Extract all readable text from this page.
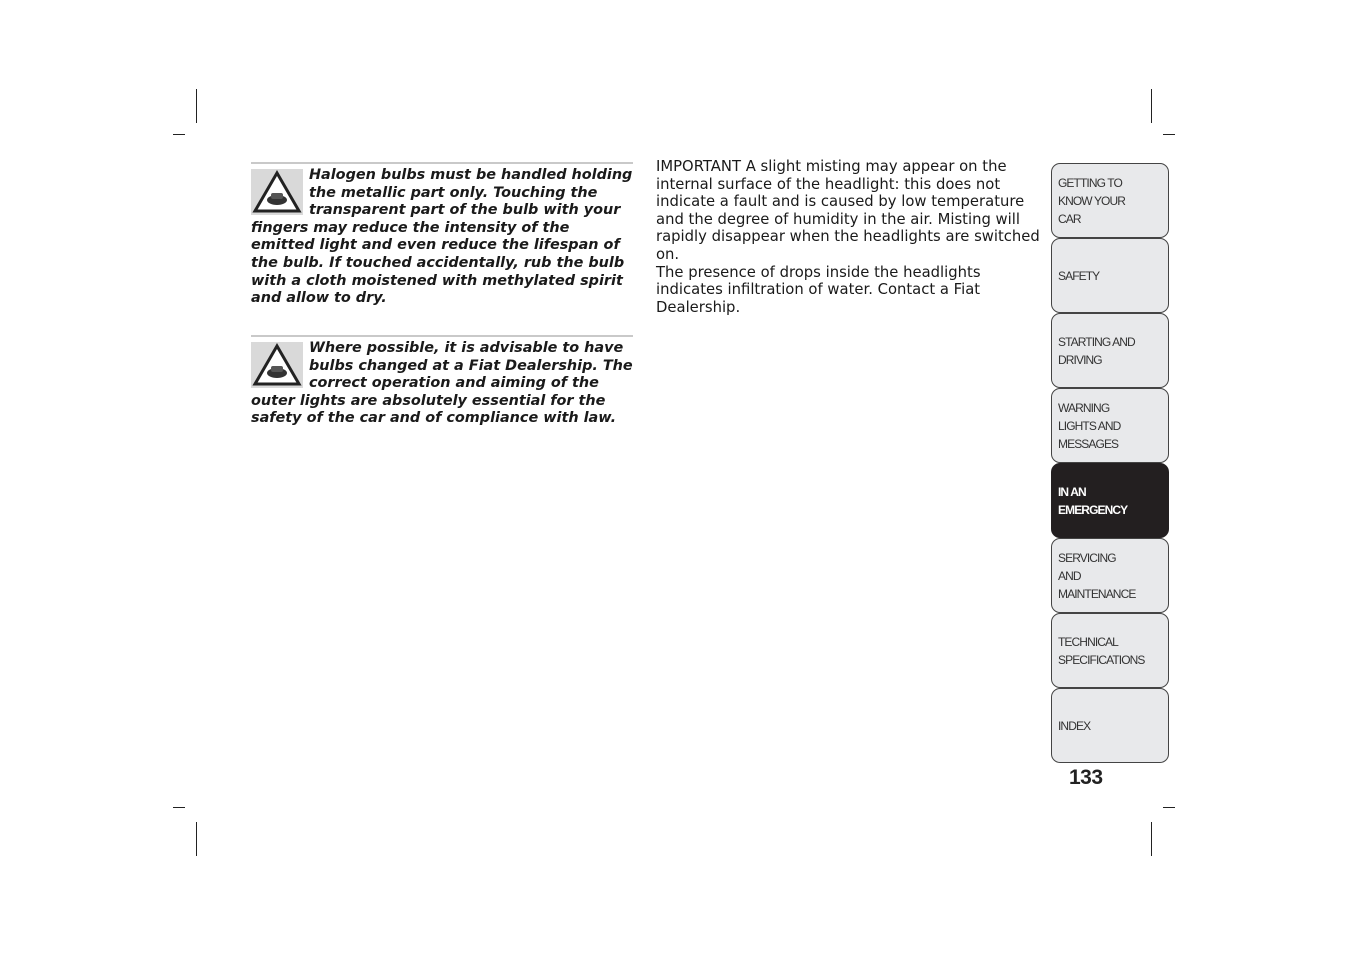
Halogen bulbs must be handled holding the metallic part only. Touching the transparent part of the bulb with your fingers may reduce the intensity of the emitted light and even reduce the lifespan of the bulb. If touched accidentally, rub the bulb with a cloth moistened with methylated spirit and allow to dry.

Where possible, it is advisable to have bulbs changed at a Fiat Dealership. The correct operation and aiming of the outer lights are absolutely essential for the safety of the car and of compliance with law.

IMPORTANT A slight misting may appear on the internal surface of the headlight: this does not indicate a fault and is caused by low temperature and the degree of humidity in the air. Misting will rapidly disappear when the headlights are switched on.

The presence of drops inside the headlights indicates infiltration of water. Contact a Fiat Dealership.

GETTING TO KNOW YOUR CAR
SAFETY
STARTING AND DRIVING
WARNING LIGHTS AND MESSAGES
IN AN EMERGENCY
SERVICING AND MAINTENANCE
TECHNICAL SPECIFICATIONS
INDEX
133
